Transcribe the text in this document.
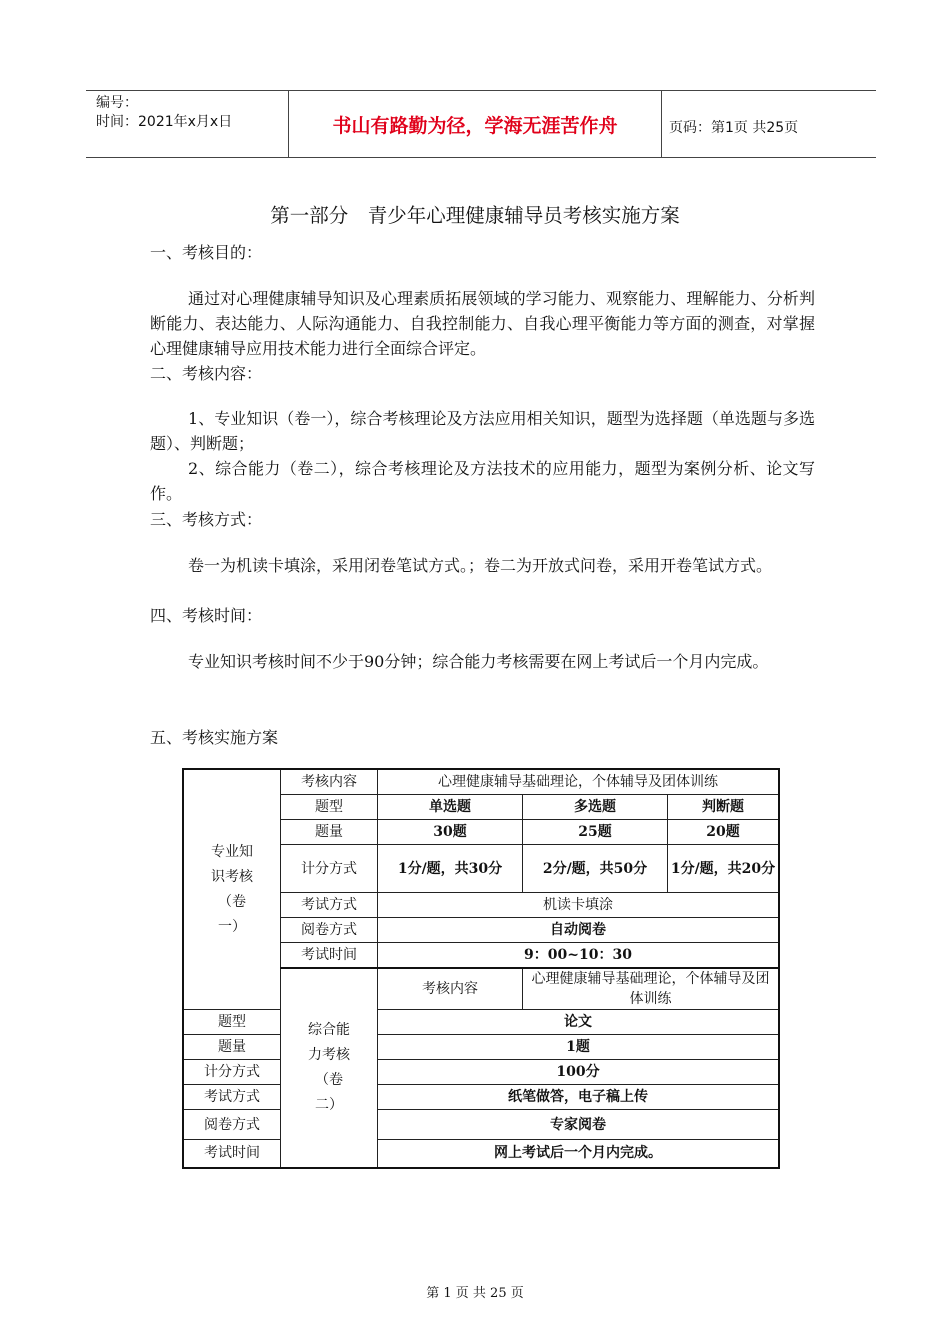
编号：
时间：2021年x月x日	书山有路勤为径，学海无涯苦作舟	页码：第1页 共25页
第一部分　青少年心理健康辅导员考核实施方案
一、考核目的：
通过对心理健康辅导知识及心理素质拓展领域的学习能力、观察能力、理解能力、分析判断能力、表达能力、人际沟通能力、自我控制能力、自我心理平衡能力等方面的测查，对掌握心理健康辅导应用技术能力进行全面综合评定。
二、考核内容：
1、专业知识（卷一），综合考核理论及方法应用相关知识，题型为选择题（单选题与多选题）、判断题；
2、综合能力（卷二），综合考核理论及方法技术的应用能力，题型为案例分析、论文写作。
三、考核方式：
卷一为机读卡填涂，采用闭卷笔试方式。；卷二为开放式问卷，采用开卷笔试方式。
四、考核时间：
专业知识考核时间不少于90分钟；综合能力考核需要在网上考试后一个月内完成。
五、考核实施方案
专业知
识考核
（卷
一）	考核内容	心理健康辅导基础理论，个体辅导及团体训练		
	题型	单选题	多选题	判断题
	题量	30题	25题	20题
	计分方式	1分/题，共30分	2分/题，共50分	1分/题，共20分
	考试方式	机读卡填涂		
	阅卷方式	自动阅卷		
	考试时间	9：00~10：30		

	综合能
力考核
（卷
二）	考核内容	心理健康辅导基础理论，个体辅导及团体训练	
题型		论文		
题量		1题		
计分方式		100分		
考试方式		纸笔做答，电子稿上传		
阅卷方式		专家阅卷		
考试时间		网上考试后一个月内完成。		
第 1 页 共 25 页
